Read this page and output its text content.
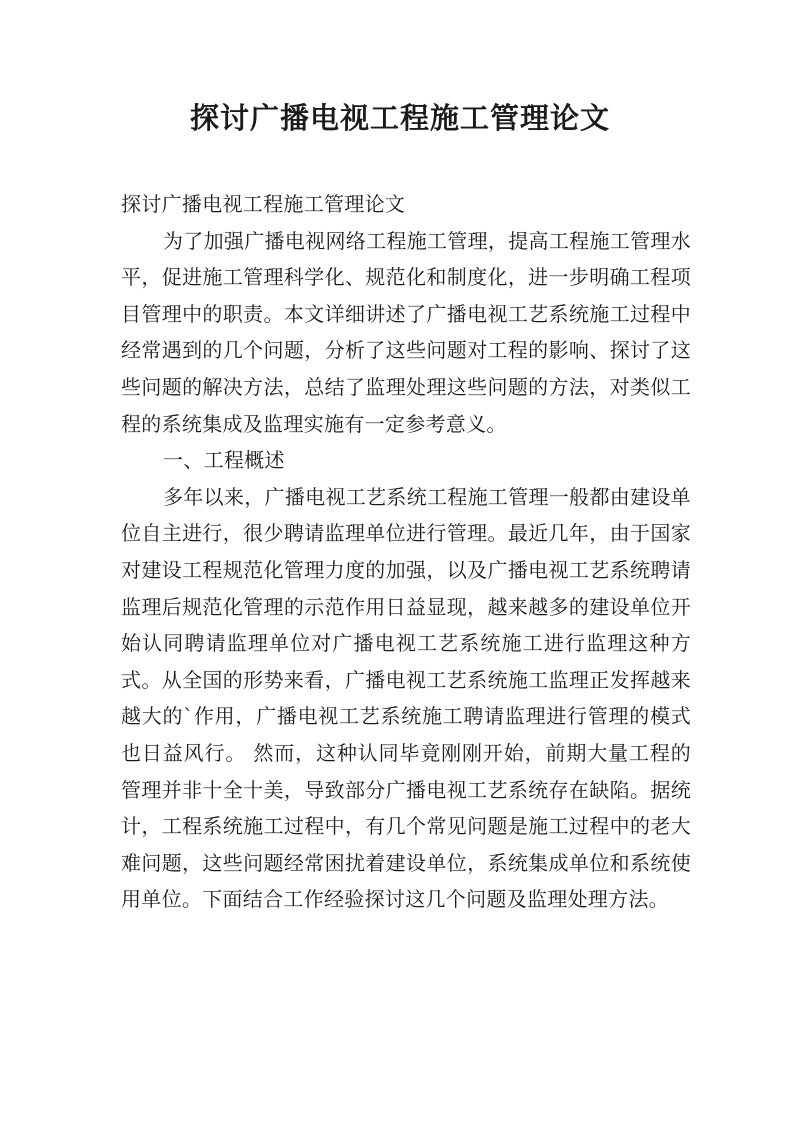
探讨广播电视工程施工管理论文

探讨广播电视工程施工管理论文

为了加强广播电视网络工程施工管理，提高工程施工管理水平，促进施工管理科学化、规范化和制度化，进一步明确工程项目管理中的职责。本文详细讲述了广播电视工艺系统施工过程中经常遇到的几个问题，分析了这些问题对工程的影响、探讨了这些问题的解决方法，总结了监理处理这些问题的方法，对类似工程的系统集成及监理实施有一定参考意义。

一、工程概述

多年以来，广播电视工艺系统工程施工管理一般都由建设单位自主进行，很少聘请监理单位进行管理。最近几年，由于国家对建设工程规范化管理力度的加强，以及广播电视工艺系统聘请监理后规范化管理的示范作用日益显现，越来越多的建设单位开始认同聘请监理单位对广播电视工艺系统施工进行监理这种方式。从全国的形势来看，广播电视工艺系统施工监理正发挥越来越大的`作用，广播电视工艺系统施工聘请监理进行管理的模式也日益风行。 然而，这种认同毕竟刚刚开始，前期大量工程的管理并非十全十美，导致部分广播电视工艺系统存在缺陷。据统计，工程系统施工过程中，有几个常见问题是施工过程中的老大难问题，这些问题经常困扰着建设单位，系统集成单位和系统使用单位。下面结合工作经验探讨这几个问题及监理处理方法。
